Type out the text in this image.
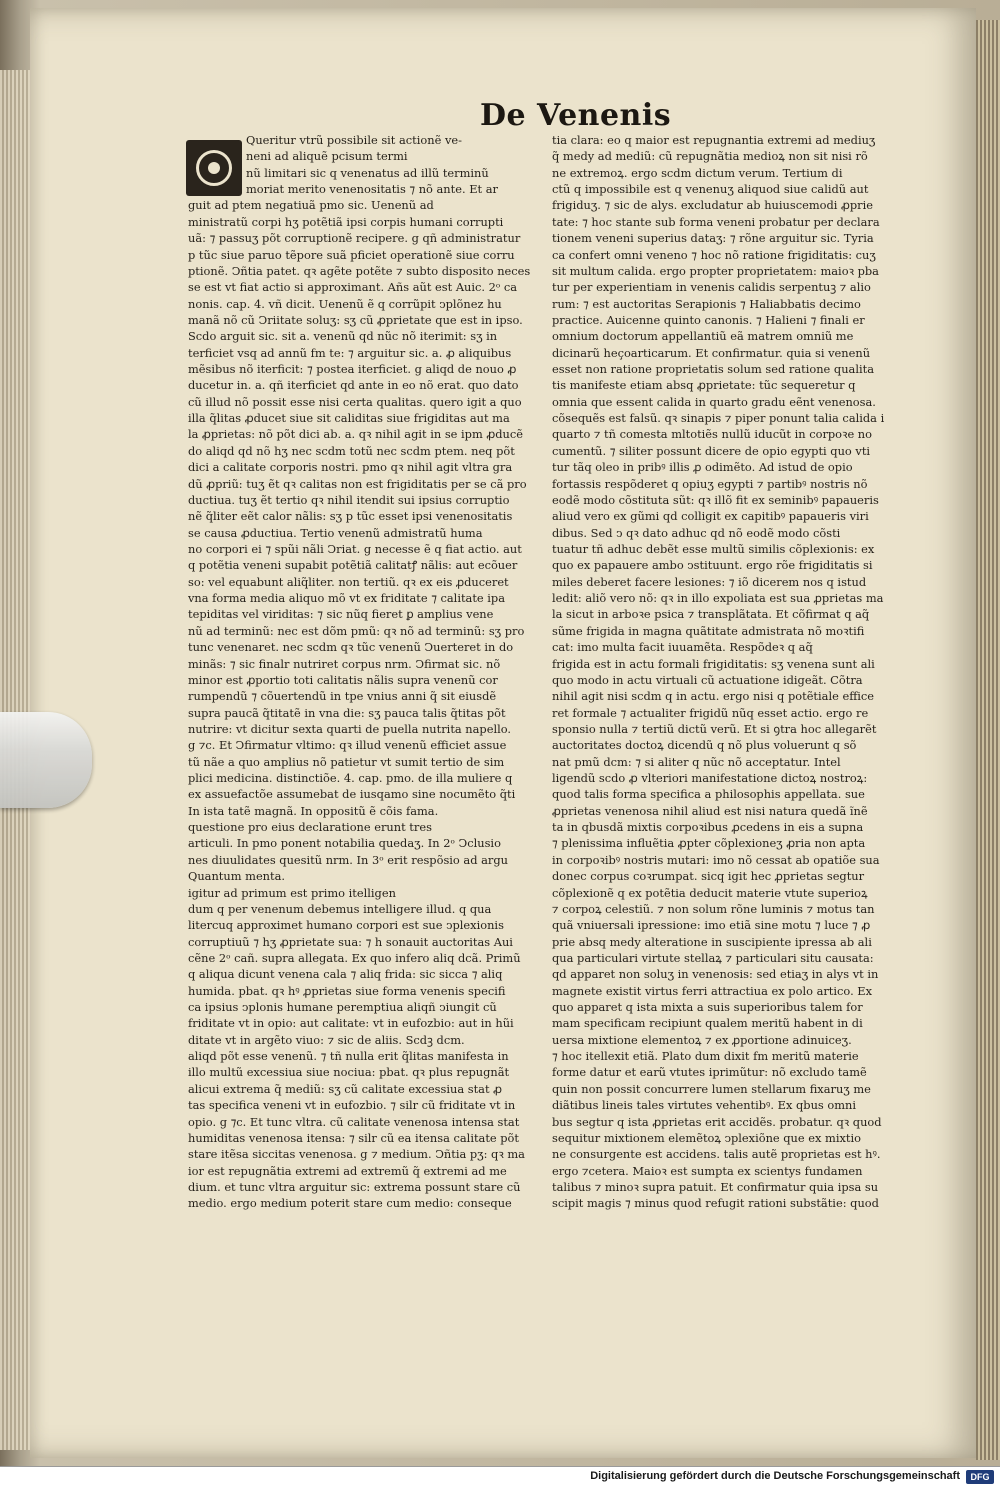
De Venenis
Queritur vtrũ possibile sit actionẽ ve-
neni ad aliquẽ pcisum termi
nũ limitari sic q venenatus ad illũ terminũ
moriat merito venenositatis ⁊ nõ ante. Et ar
guit ad ptem negatiuã pmo sic. Uenenũ ad
ministratũ corpi hʒ potẽtiã ipsi corpis humani corrupti
uã: ⁊ passuʒ põt corruptionẽ recipere. g qñ administratur
p tũc siue paruo tẽpore suã pficiet operationẽ siue corru
ptionẽ. Ↄñtia patet. qꝛ agẽte potẽte ⁊ subto disposito neces
se est vt fiat actio si approximant. Añs aũt est Auic. 2ᵒ ca
nonis. cap. 4. vñ dicit. Uenenũ ẽ q corrũpit ↄplõnez hu
manã nõ cũ Ↄriitate soluʒ: sʒ cũ ꝓprietate que est in ipso.
Scdo arguit sic. sit a. venenũ qd nũc nõ iterimit: sʒ in
terficiet vsq ad annũ fm te: ⁊ arguitur sic. a. ꝓ aliquibus
mẽsibus nõ iterficit: ⁊ postea iterficiet. g aliqd de nouo ꝓ
ducetur in. a. qñ iterficiet qd ante in eo nõ erat. quo dato
cũ illud nõ possit esse nisi certa qualitas. quero igit a quo
illa q̃litas ꝓducet siue sit caliditas siue frigiditas aut ma
la ꝓprietas: nõ põt dici ab. a. qꝛ nihil agit in se ipm ꝓducẽ
do aliqd qd nõ hʒ nec scdm totũ nec scdm ptem. neq põt
dici a calitate corporis nostri. pmo qꝛ nihil agit vltra gra
dũ ꝓpriũ: tuʒ ẽt qꝛ calitas non est frigiditatis per se cã pro
ductiua. tuʒ ẽt tertio qꝛ nihil itendit sui ipsius corruptio
nẽ q̃liter eẽt calor nãlis: sʒ p tũc esset ipsi venenositatis
se causa ꝓductiua. Tertio venenũ admistratũ huma
no corpori ei ⁊ spũi nãli Ↄriat. g necesse ẽ q fiat actio. aut
q potẽtia veneni supabit potẽtiã calitatꝭ nãlis: aut ecõuer
so: vel equabunt aliq̃liter. non tertiũ. qꝛ ex eis ꝓduceret
vna forma media aliquo mõ vt ex friditate ⁊ calitate ipa
tepiditas vel viriditas: ⁊ sic nũq fieret ꝑ amplius vene
nũ ad terminũ: nec est dõm pmũ: qꝛ nõ ad terminũ: sʒ pro
tunc venenaret. nec scdm qꝛ tũc venenũ Ↄuerteret in do
minãs: ⁊ sic finalr nutriret corpus nrm. Ↄfirmat sic. nõ
minor est ꝓportio toti calitatis nãlis supra venenũ cor
rumpendũ ⁊ cõuertendũ in tpe vnius anni q̃ sit eiusdẽ
supra paucã q̃titatẽ in vna die: sʒ pauca talis q̃titas põt
nutrire: vt dicitur sexta quarti de puella nutrita napello.
g ⁊c. Et Ↄfirmatur vltimo: qꝛ illud venenũ efficiet assue
tũ nãe a quo amplius nõ patietur vt sumit tertio de sim
plici medicina. distinctiõe. 4. cap. pmo. de illa muliere q
ex assuefactõe assumebat de iusqamo sine nocumẽto q̃ti
In ista tatẽ magnã. In oppositũ ẽ cõis fama.
questione pro eius declaratione erunt tres
articuli. In pmo ponent notabilia quedaʒ. In 2ᵒ Ↄclusio
nes diuulidates quesitũ nrm. In 3ᵒ erit respõsio ad argu
Quantum menta.
igitur ad primum est primo itelligen
dum q per venenum debemus intelligere illud. q qua
litercuq approximet humano corpori est sue ↄplexionis
corruptiuũ ⁊ hʒ ꝓprietate sua: ⁊ h sonauit auctoritas Aui
cẽne 2ᵒ cañ. supra allegata. Ex quo infero aliq dcã. Primũ
q aliqua dicunt venena cala ⁊ aliq frida: sic sicca ⁊ aliq
humida. pbat. qꝛ hꝰ ꝓprietas siue forma venenis specifi
ca ipsius ↄplonis humane peremptiua aliqñ ↄiungit cũ
friditate vt in opio: aut calitate: vt in eufozbio: aut in hũi
ditate vt in argẽto viuo: ⁊ sic de aliis. Scdꝫ dcm.
aliqd põt esse venenũ. ⁊ tñ nulla erit q̃litas manifesta in
illo multũ excessiua siue nociua: pbat. qꝛ plus repugnãt
alicui extrema q̃ mediũ: sʒ cũ calitate excessiua stat ꝓ
tas specifica veneni vt in eufozbio. ⁊ silr cũ friditate vt in
opio. g ⁊c. Et tunc vltra. cũ calitate venenosa intensa stat
humiditas venenosa itensa: ⁊ silr cũ ea itensa calitate põt
stare itẽsa siccitas venenosa. g ⁊ medium. Ↄñtia pʒ: qꝛ ma
ior est repugnãtia extremi ad extremũ q̃ extremi ad me
dium. et tunc vltra arguitur sic: extrema possunt stare cũ
medio. ergo medium poterit stare cum medio: conseque
tia clara: eo q maior est repugnantia extremi ad mediuʒ
q̃ medy ad mediũ: cũ repugnãtia medioꝝ non sit nisi rõ
ne extremoꝝ. ergo scdm dictum verum. Tertium di
ctũ q impossibile est q venenuʒ aliquod siue calidũ aut
frigiduʒ. ⁊ sic de alys. excludatur ab huiuscemodi ꝓprie
tate: ⁊ hoc stante sub forma veneni probatur per declara
tionem veneni superius dataʒ: ⁊ rõne arguitur sic. Tyria
ca confert omni veneno ⁊ hoc nõ ratione frigiditatis: cuʒ
sit multum calida. ergo propter proprietatem: maioꝛ pba
tur per experientiam in venenis calidis serpentuꝫ ⁊ alio
rum: ⁊ est auctoritas Serapionis ⁊ Haliabbatis decimo
practice. Auicenne quinto canonis. ⁊ Halieni ⁊ finali er
omnium doctorum appellantiũ eã matrem omniũ me
dicinarũ heçoarticarum. Et confirmatur. quia si venenũ
esset non ratione proprietatis solum sed ratione qualita
tis manifeste etiam absq ꝓprietate: tũc sequeretur q
omnia que essent calida in quarto gradu eẽnt venenosa.
cõsequẽs est falsũ. qꝛ sinapis ⁊ piper ponunt talia calida i
quarto ⁊ tñ comesta mltotiẽs nullũ iducũt in corpoꝛe no
cumentũ. ⁊ siliter possunt dicere de opio egypti quo vti
tur tãq oleo in pribꝰ illis ꝓ odimẽto. Ad istud de opio
fortassis respõderet q opiuʒ egypti ⁊ partibꝰ nostris nõ
eodẽ modo cõstituta sũt: qꝛ illõ fit ex seminibꝰ papaueris
aliud vero ex gũmi qd colligit ex capitibꝰ papaueris viri
dibus. Sed ↄ qꝛ dato adhuc qd nõ eodẽ modo cõsti
tuatur tñ adhuc debẽt esse multũ similis cõplexionis: ex
quo ex papauere ambo ↄstituunt. ergo rõe frigiditatis si
miles deberet facere lesiones: ⁊ iõ dicerem nos q istud
ledit: aliõ vero nõ: qꝛ in illo expoliata est sua ꝓprietas ma
la sicut in arboꝛe psica ⁊ transplãtata. Et cõfirmat q aq̃
sũme frigida in magna quãtitate admistrata nõ moꝛtifi
cat: imo multa facit iuuamẽta. Respõdeꝛ q aq̃
frigida est in actu formali frigiditatis: sʒ venena sunt ali
quo modo in actu virtuali cũ actuatione idigeãt. Cõtra
nihil agit nisi scdm q in actu. ergo nisi q potẽtiale effice
ret formale ⁊ actualiter frigidũ nũq esset actio. ergo re
sponsio nulla ⁊ tertiũ dictũ verũ. Et si ꝯtra hoc allegarẽt
auctoritates doctoꝝ dicendũ q nõ plus voluerunt q sõ
nat pmũ dcm: ⁊ si aliter q nũc nõ acceptatur. Intel
ligendũ scdo ꝓ vlteriori manifestatione dictoꝝ nostroꝝ:
quod talis forma specifica a philosophis appellata. sue
ꝓprietas venenosa nihil aliud est nisi natura quedã ĩnẽ
ta in qbusdã mixtis corpoꝛibus ꝓcedens in eis a supna
⁊ plenissima influẽtia ꝓpter cõplexioneʒ ꝓria non apta
in corpoꝛibꝰ nostris mutari: imo nõ cessat ab opatiõe sua
donec corpus coꝛrumpat. sicq igit hec ꝓprietas segtur
cõplexionẽ q ex potẽtia deducit materie vtute superioꝝ
⁊ corpoꝝ celestiũ. ⁊ non solum rõne luminis ⁊ motus tan
quã vniuersali ipressione: imo etiã sine motu ⁊ luce ⁊ ꝓ
prie absq medy alteratione in suscipiente ipressa ab ali
qua particulari virtute stellaꝝ ⁊ particulari situ causata:
qd apparet non soluʒ in venenosis: sed etiaʒ in alys vt in
magnete existit virtus ferri attractiua ex polo artico. Ex
quo apparet q ista mixta a suis superioribus talem for
mam specificam recipiunt qualem meritũ habent in di
uersa mixtione elementoꝝ ⁊ ex ꝓportione adinuiceʒ.
⁊ hoc itellexit etiã. Plato dum dixit fm meritũ materie
forme datur et earũ vtutes iprimũtur: nõ excludo tamẽ
quin non possit concurrere lumen stellarum fixaruʒ me
diãtibus lineis tales virtutes vehentibꝰ. Ex qbus omni
bus segtur q ista ꝓprietas erit accidẽs. probatur. qꝛ quod
sequitur mixtionem elemẽtoꝝ ↄplexiõne que ex mixtio
ne consurgente est accidens. talis autẽ proprietas est hꝰ.
ergo ⁊cetera. Maioꝛ est sumpta ex scientys fundamen
talibus ⁊ minoꝛ supra patuit. Et confirmatur quia ipsa su
scipit magis ⁊ minus quod refugit rationi substãtie: quod
Digitalisierung gefördert durch die Deutsche Forschungsgemeinschaft	DFG
